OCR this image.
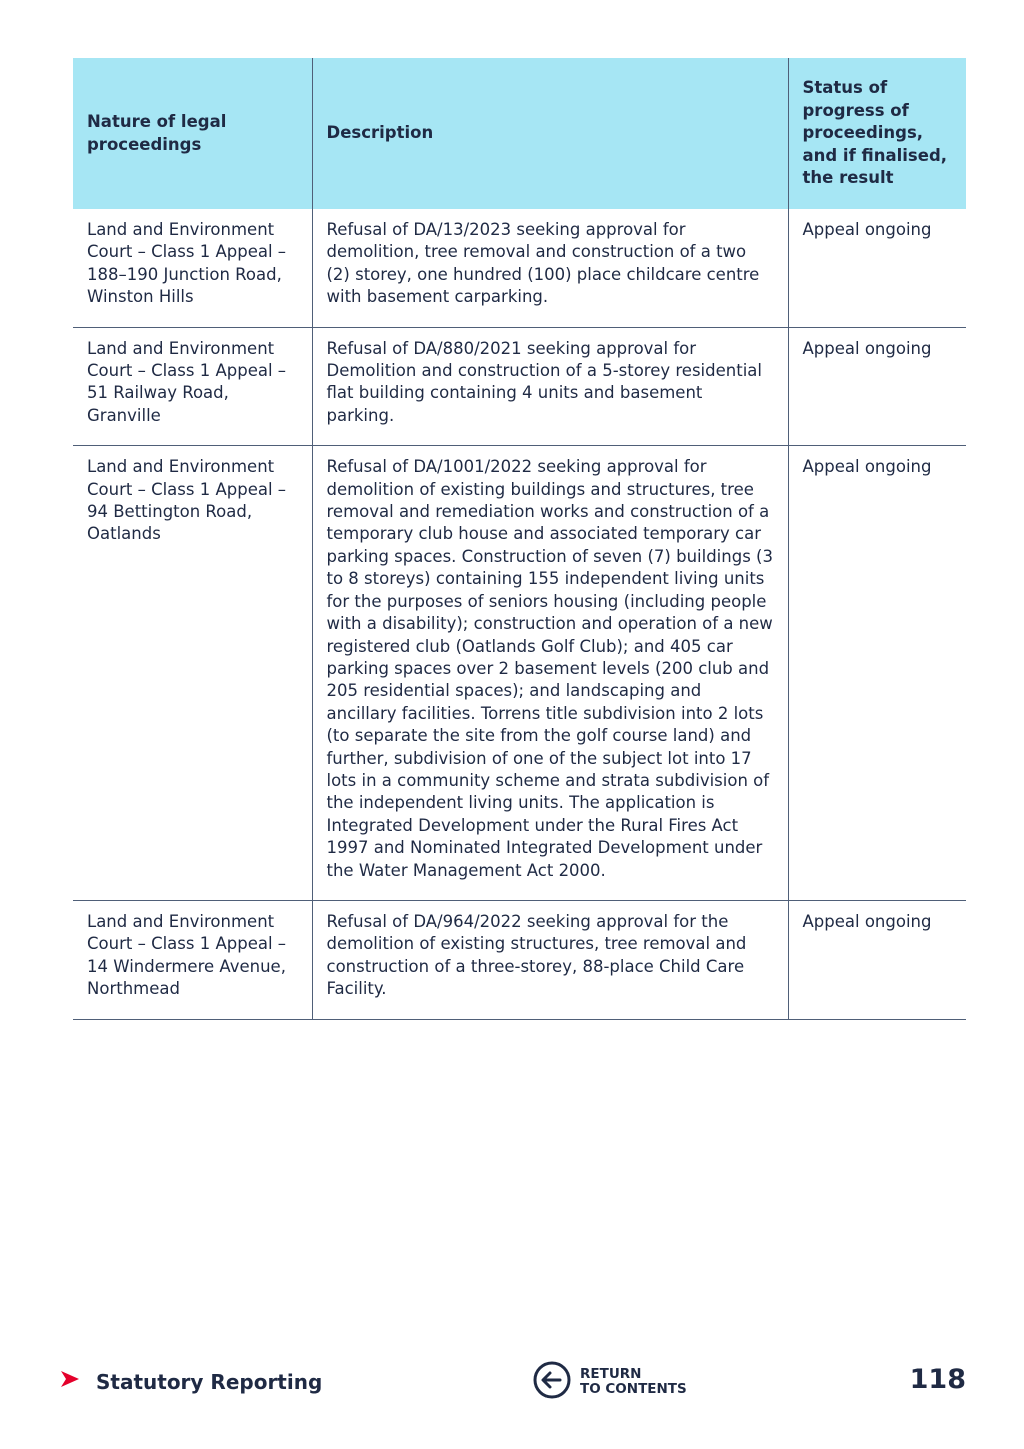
Nature of legal proceedings	Description	Status of progress of proceedings, and if finalised, the result
Land and Environment Court – Class 1 Appeal – 188–190 Junction Road, Winston Hills	Refusal of DA/13/2023 seeking approval for demolition, tree removal and construction of a two (2) storey, one hundred (100) place childcare centre with basement carparking.	Appeal ongoing
Land and Environment Court – Class 1 Appeal – 51 Railway Road, Granville	Refusal of DA/880/2021 seeking approval for Demolition and construction of a 5-storey residential flat building containing 4 units and basement parking.	Appeal ongoing
Land and Environment Court – Class 1 Appeal – 94 Bettington Road, Oatlands	Refusal of DA/1001/2022 seeking approval for demolition of existing buildings and structures, tree removal and remediation works and construction of a temporary club house and associated temporary car parking spaces. Construction of seven (7) buildings (3 to 8 storeys) containing 155 independent living units for the purposes of seniors housing (including people with a disability); construction and operation of a new registered club (Oatlands Golf Club); and 405 car parking spaces over 2 basement levels (200 club and 205 residential spaces); and landscaping and ancillary facilities. Torrens title subdivision into 2 lots (to separate the site from the golf course land) and further, subdivision of one of the subject lot into 17 lots in a community scheme and strata subdivision of the independent living units. The application is Integrated Development under the Rural Fires Act 1997 and Nominated Integrated Development under the Water Management Act 2000.	Appeal ongoing
Land and Environment Court – Class 1 Appeal – 14 Windermere Avenue, Northmead	Refusal of DA/964/2022 seeking approval for the demolition of existing structures, tree removal and construction of a three-storey, 88-place Child Care Facility.	Appeal ongoing
Statutory Reporting	RETURN
TO CONTENTS	118
